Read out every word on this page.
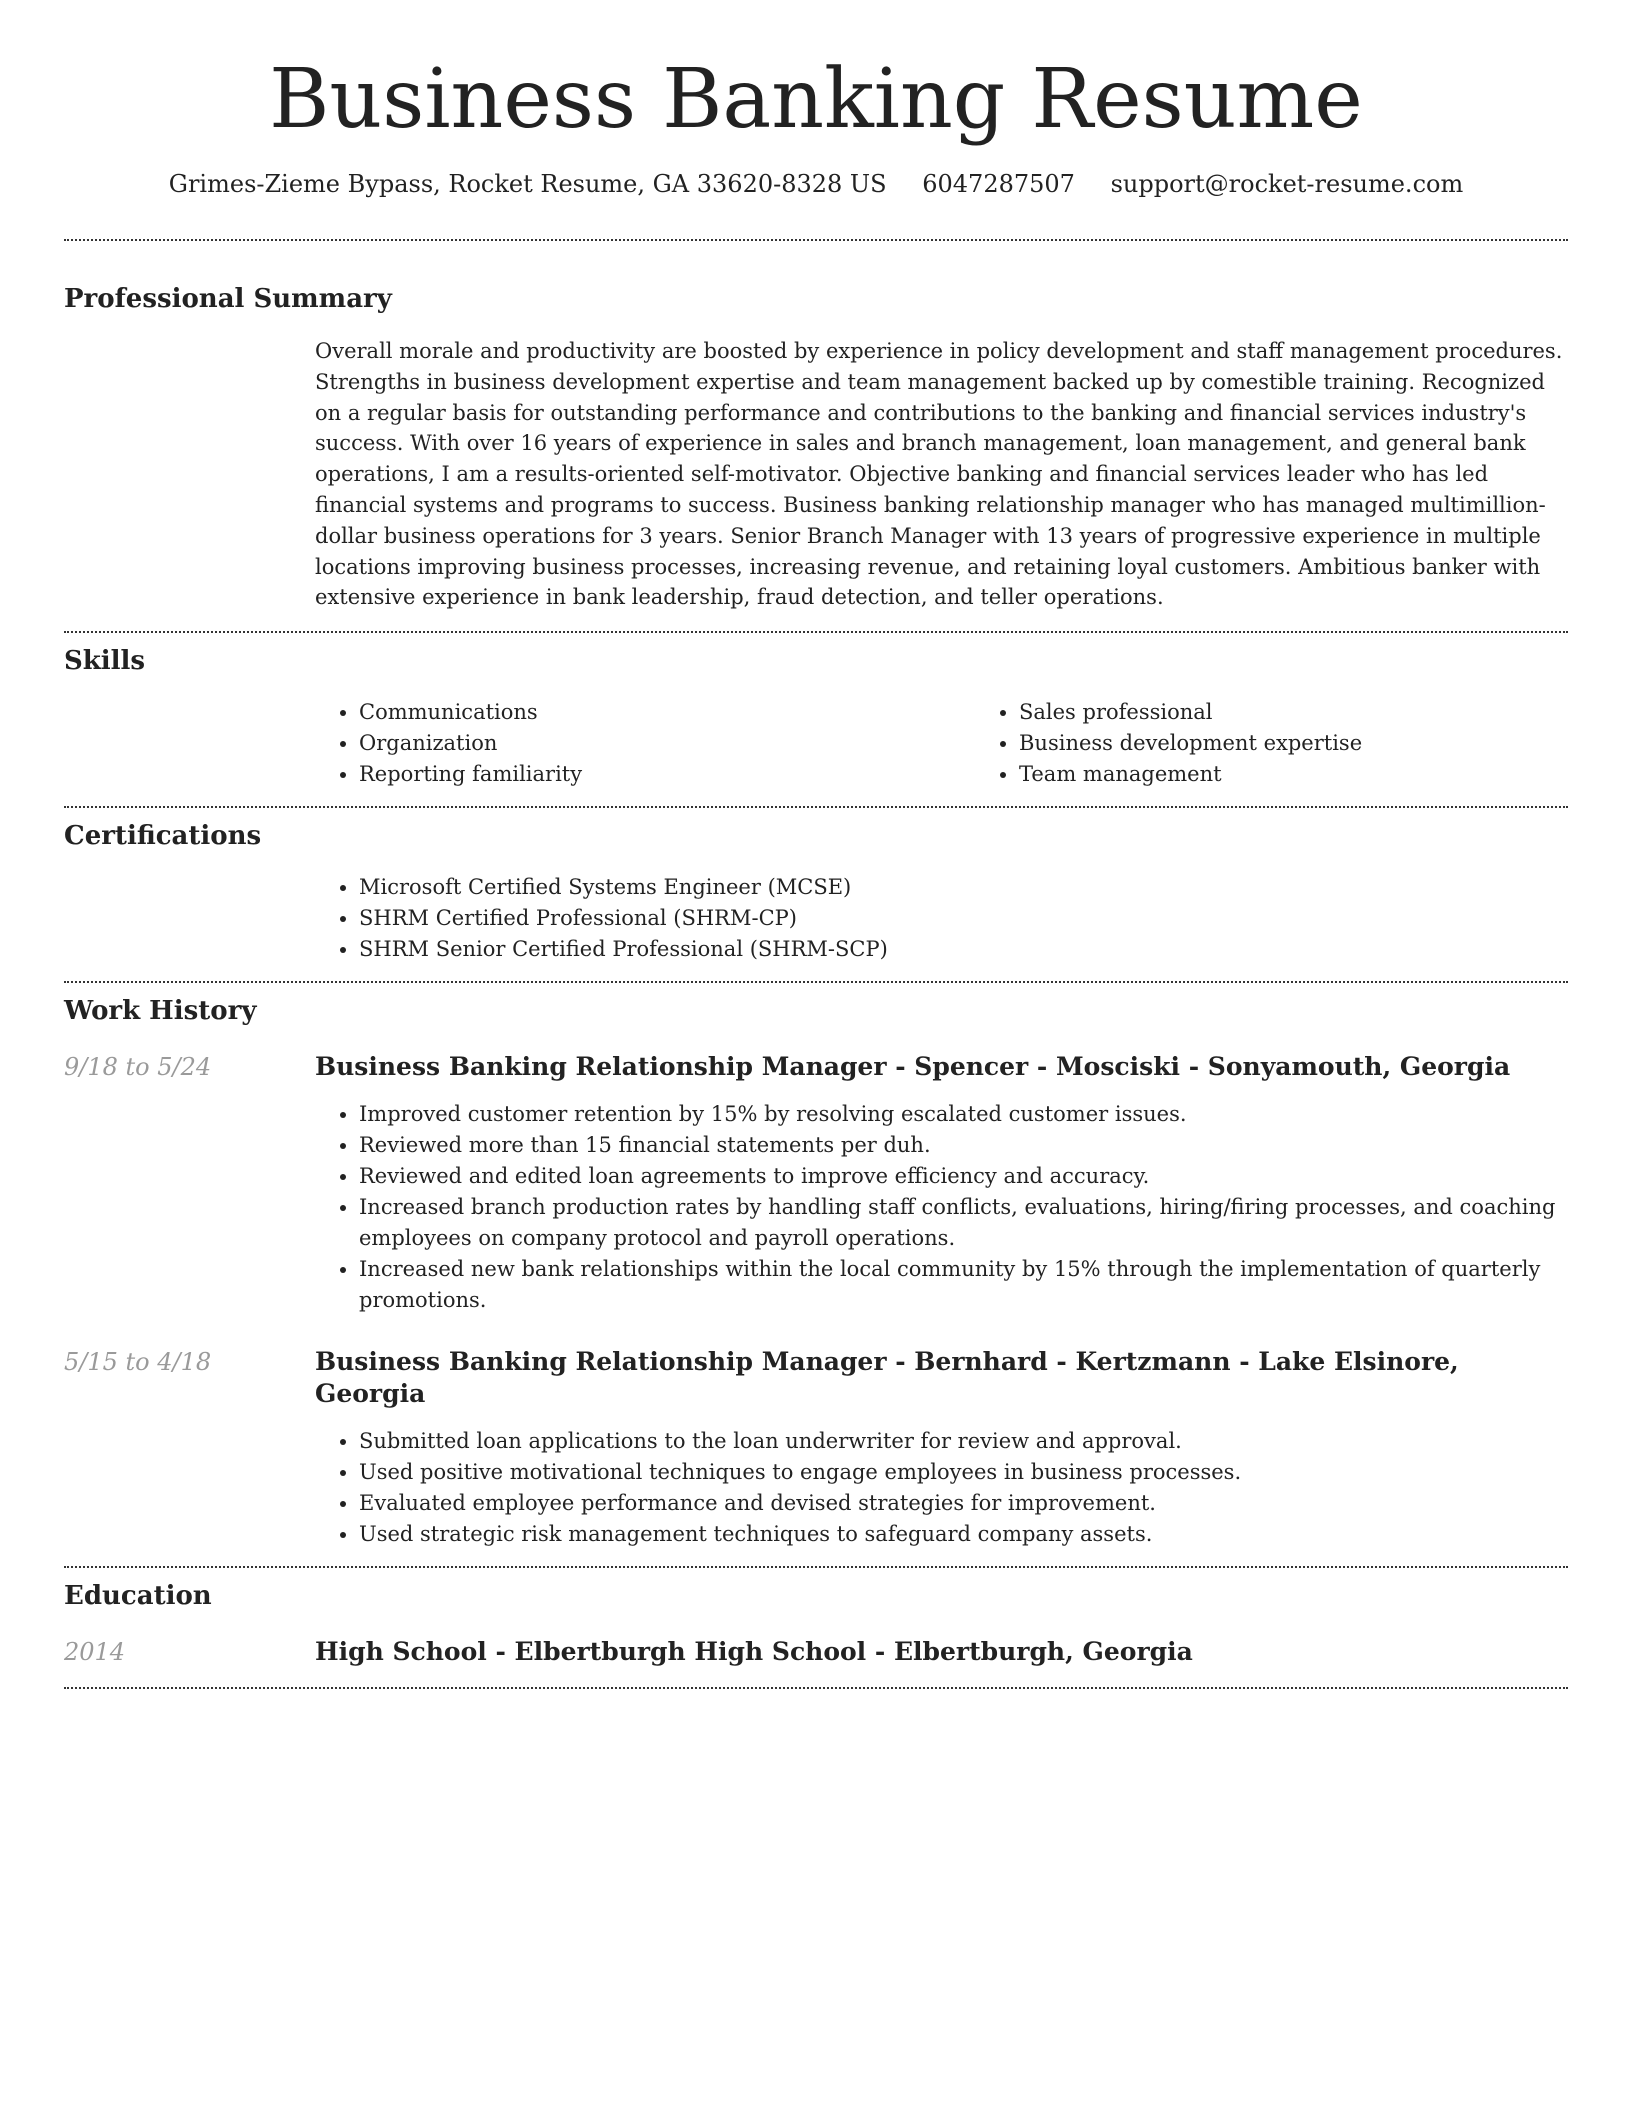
Business Banking Resume
Grimes-Zieme Bypass, Rocket Resume, GA 33620-8328 US 6047287507 support@rocket-resume.com
Professional Summary

Overall morale and productivity are boosted by experience in policy development and staff management procedures. Strengths in business development expertise and team management backed up by comestible training. Recognized on a regular basis for outstanding performance and contributions to the banking and financial services industry's success. With over 16 years of experience in sales and branch management, loan management, and general bank operations, I am a results-oriented self-motivator. Objective banking and financial services leader who has led financial systems and programs to success. Business banking relationship manager who has managed multimillion-dollar business operations for 3 years. Senior Branch Manager with 13 years of progressive experience in multiple locations improving business processes, increasing revenue, and retaining loyal customers. Ambitious banker with extensive experience in bank leadership, fraud detection, and teller operations.

Skills
• Communications
• Organization
• Reporting familiarity
• Sales professional
• Business development expertise
• Team management
Certifications
• Microsoft Certified Systems Engineer (MCSE)
• SHRM Certified Professional (SHRM-CP)
• SHRM Senior Certified Professional (SHRM-SCP)
Work History
9/18 to 5/24	Business Banking Relationship Manager - Spencer - Mosciski - Sonyamouth, Georgia
• Improved customer retention by 15% by resolving escalated customer issues.
• Reviewed more than 15 financial statements per duh.
• Reviewed and edited loan agreements to improve efficiency and accuracy.
• Increased branch production rates by handling staff conflicts, evaluations, hiring/firing processes, and coaching employees on company protocol and payroll operations.
• Increased new bank relationships within the local community by 15% through the implementation of quarterly promotions.
5/15 to 4/18	Business Banking Relationship Manager - Bernhard - Kertzmann - Lake Elsinore, Georgia
• Submitted loan applications to the loan underwriter for review and approval.
• Used positive motivational techniques to engage employees in business processes.
• Evaluated employee performance and devised strategies for improvement.
• Used strategic risk management techniques to safeguard company assets.
Education
2014	High School - Elbertburgh High School - Elbertburgh, Georgia
